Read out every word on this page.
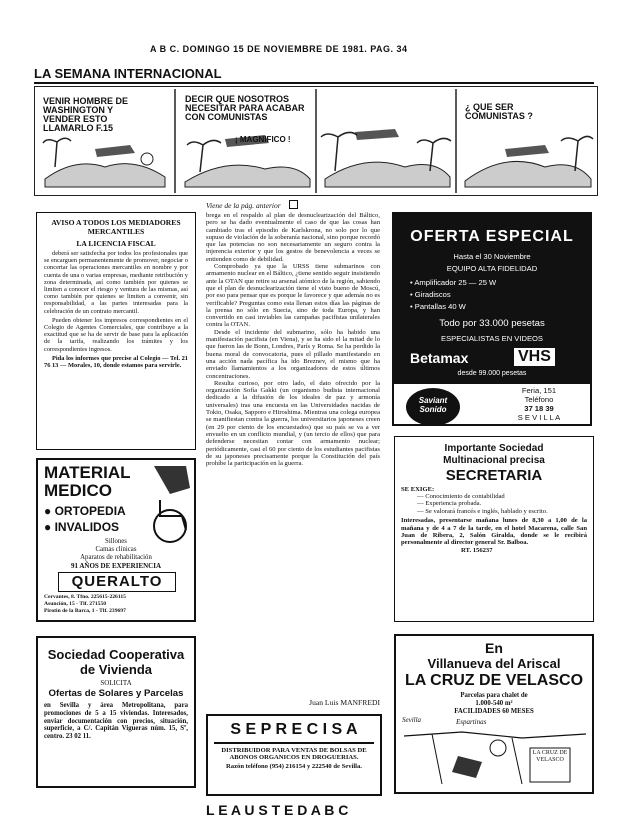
A B C. DOMINGO 15 DE NOVIEMBRE DE 1981. PAG. 34
LA SEMANA INTERNACIONAL
VENIR HOMBRE DE WASHINGTON Y VENDER ESTO LLAMARLO F.15
DECIR QUE NOSOTROS NECESITAR PARA ACABAR CON COMUNISTAS
¡ MAGNIFICO !
¿ QUE SER COMUNISTAS ?
Viene de la pág. anterior
AVISO A TODOS LOS MEDIADORES MERCANTILES
LA LICENCIA FISCAL
deberá ser satisfecha por todos los profesionales que se encarguen permanentemente de promover, negociar o concertar las operaciones mercantiles en nombre y por cuenta de una o varias empresas, mediante retribución y zona determinada, así como también por quienes se limiten a conocer el riesgo y ventura de las mismas, así como también por quienes se limiten a convenir, sin responsabilidad, a las partes interesadas para la celebración de un contrato mercantil.
Pueden obtener los impresos correspondientes en el Colegio de Agentes Comerciales, que contribuye a la exactitud que se ha de servir de base para la aplicación de la tarifa, realizando los trámites y los correspondientes ingresos.
Pida los informes que precise al Colegio — Tel. 21 76 13 — Morales, 10, donde estamos para servirle.
MATERIAL
MEDICO
● ORTOPEDIA
● INVALIDOS
Sillones
Camas clínicas
Aparatos de rehabilitación
91 AÑOS DE EXPERIENCIA
QUERALTO
Cervantes, 8. Tfno. 225615-226115
Asunción, 15 - Tlf. 271550
Pirotin de la Barca, 1 - Tlf. 239697
Sociedad Cooperativa
de Vivienda
SOLICITA
Ofertas de Solares y Parcelas
en Sevilla y área Metropolitana, para promociones de 5 a 15 viviendas. Interesados, enviar documentación con precios, situación, superficie, a C/. Capitán Vigueras núm. 15, Sº, centro. 23 02 11.

brega en el respaldo al plan de desnuclearización del Báltico, pero se ha dado eventualmente el caso de que las cosas han cambiado tras el episodio de Karlskrona, no solo por lo que supuso de violación de la soberanía nacional, sino porque recordó que las potencias no son necesariamente un seguro contra la injerencia exterior y que los gestos de benevolencia a veces se entienden como de debilidad.

Comprobado ya que la URSS tiene submarinos con armamento nuclear en el Báltico, ¿tiene sentido seguir insistiendo ante la OTAN que retire su arsenal atómico de la región, sabiendo que el plan de desnuclearización tiene el visto bueno de Moscú, por eso para pensar que es porque le favorece y que además no es verificable? Preguntas como esta llenan estos días las páginas de la prensa no sólo en Suecia, sino de toda Europa, y han convertido en casi inviables las campañas pacifistas unilaterales contra la OTAN.

Desde el incidente del submarino, sólo ha habido una manifestación pacifista (en Viena), y se ha sido el la mitad de lo que fueron las de Bonn, Londres, París y Roma. Se ha perdido la buena moral de convocatoria, pues el pillado manifestando en una acción nada pacífica ha ido Breznev, el mismo que ha enviado llamamientos a los organizadores de estos últimos concentraciones.

Resulta curioso, por otro lado, el dato ofrecido por la organización Sofía Gakki (un organismo budista internacional dedicado a la difusión de los ideales de paz y armonía universales) tras una encuesta en las Universidades nacidas de Tokio, Osaka, Sapporo e Hiroshima. Mientras una colega europea se manifiestan contra la guerra, los universitarios japoneses creen (en 29 por ciento de los encuestados) que su país se va a ver envuelto en un conflicto mundial, y (un tercio de ellos) que para defenderse necesitan contar con armamento nuclear; periódicamente, casi el 60 por ciento de los estudiantes pacifistas de su japoneses precisamente porque la Constitución del país prohíbe la participación en la guerra.

Juan Luis MANFREDI
S E P R E C I S A
DISTRIBUIDOR PARA VENTAS DE BOLSAS DE ABONOS ORGANICOS EN DROGUERIAS.
Razón teléfono (954) 216154 y 222540 de Sevilla.
L E A U S T E D A B C
OFERTA ESPECIAL
Hasta el 30 Noviembre
EQUIPO ALTA FIDELIDAD
• Amplificador 25 — 25 W
• Giradiscos
• Pantallas 40 W
Todo por 33.000 pesetas
ESPECIALISTAS EN VIDEOS
Betamax	VHS
desde 99.000 pesetas
Saviant
Sonido
Feria, 151
Teléfono
37 18 39
S E V I L L A
Importante Sociedad
Multinacional precisa
SECRETARIA
SE EXIGE:
— Conocimiento de contabilidad
— Experiencia probada.
— Se valorará francés e inglés, hablado y escrito.
Interesadas, presentarse mañana lunes de 8,30 a 1,00 de la mañana y de 4 a 7 de la tarde, en el hotel Macarena, calle San Juan de Ribera, 2, Salón Giralda, donde se le recibirá personalmente al director general Sr. Balboa.
RT. 156237
En
Villanueva del Ariscal
LA CRUZ DE VELASCO
Parcelas para chalet de
1.000-540 m²
FACILIDADES 60 MESES
Sevilla	Espartinas
LA CRUZ DE VELASCO
